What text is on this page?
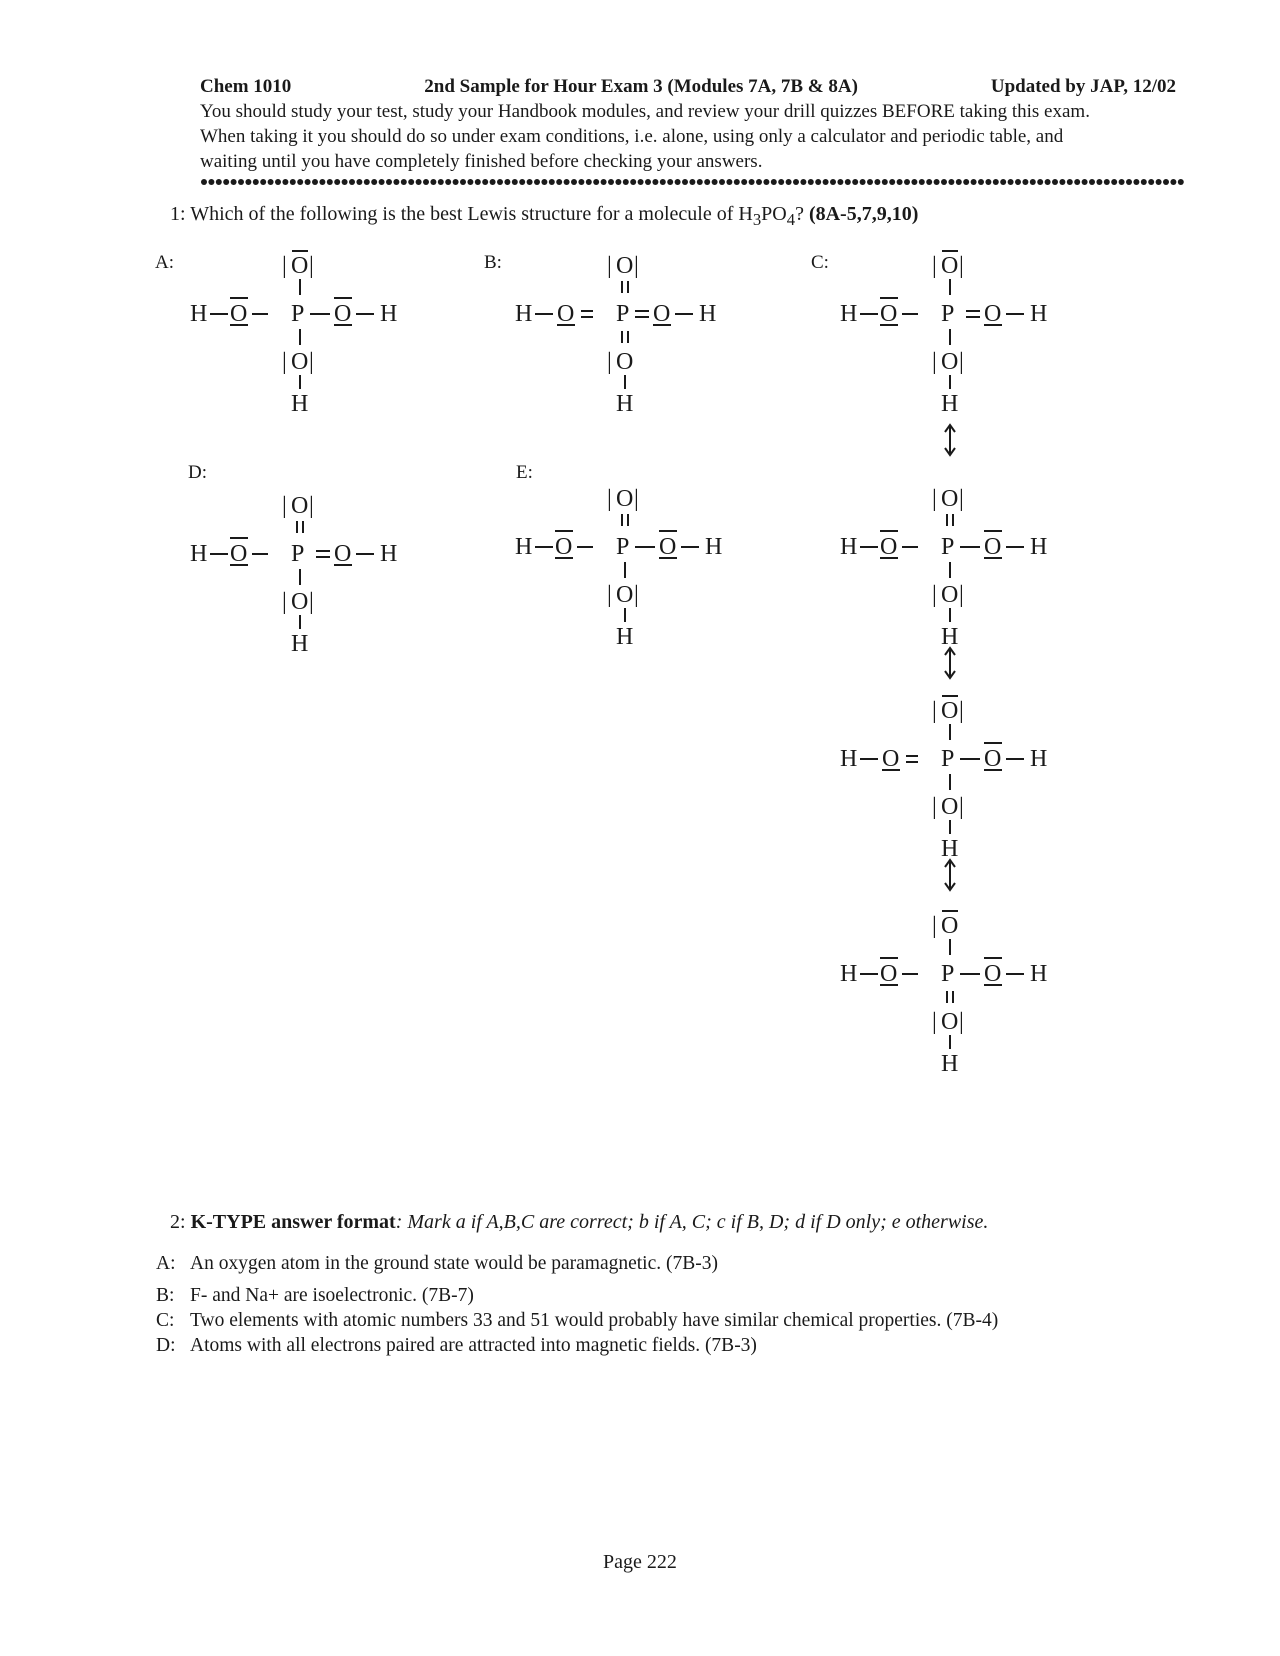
Chem 1010	2nd Sample for Hour Exam 3 (Modules 7A, 7B & 8A)	Updated by JAP, 12/02
You should study your test, study your Handbook modules, and review your drill quizzes BEFORE taking this exam.
When taking it you should do so under exam conditions, i.e. alone, using only a calculator and periodic table, and
waiting until you have completely finished before checking your answers.
1: Which of the following is the best Lewis structure for a molecule of $H_3PO_4$? (8A-5,7,9,10)
A:	B:	C:
D:	E:
| O |
H O P O H
| O |
H
| O |
H O P O H
| O
H
| O |
H O P O H
| O |
H
| O |
H O P O H
| O |
H
| O |
H O P O H
| O |
H
| O |
H O P O H
| O |
H
| O |
H O P O H
| O |
H
| O
H O P O H
| O |
H
2: K-TYPE answer format: Mark a if A,B,C are correct; b if A, C; c if B, D; d if D only; e otherwise.
A: An oxygen atom in the ground state would be paramagnetic. (7B-3)
B: F- and Na+ are isoelectronic. (7B-7)
C: Two elements with atomic numbers 33 and 51 would probably have similar chemical properties. (7B-4)
D: Atoms with all electrons paired are attracted into magnetic fields. (7B-3)
Page 222
